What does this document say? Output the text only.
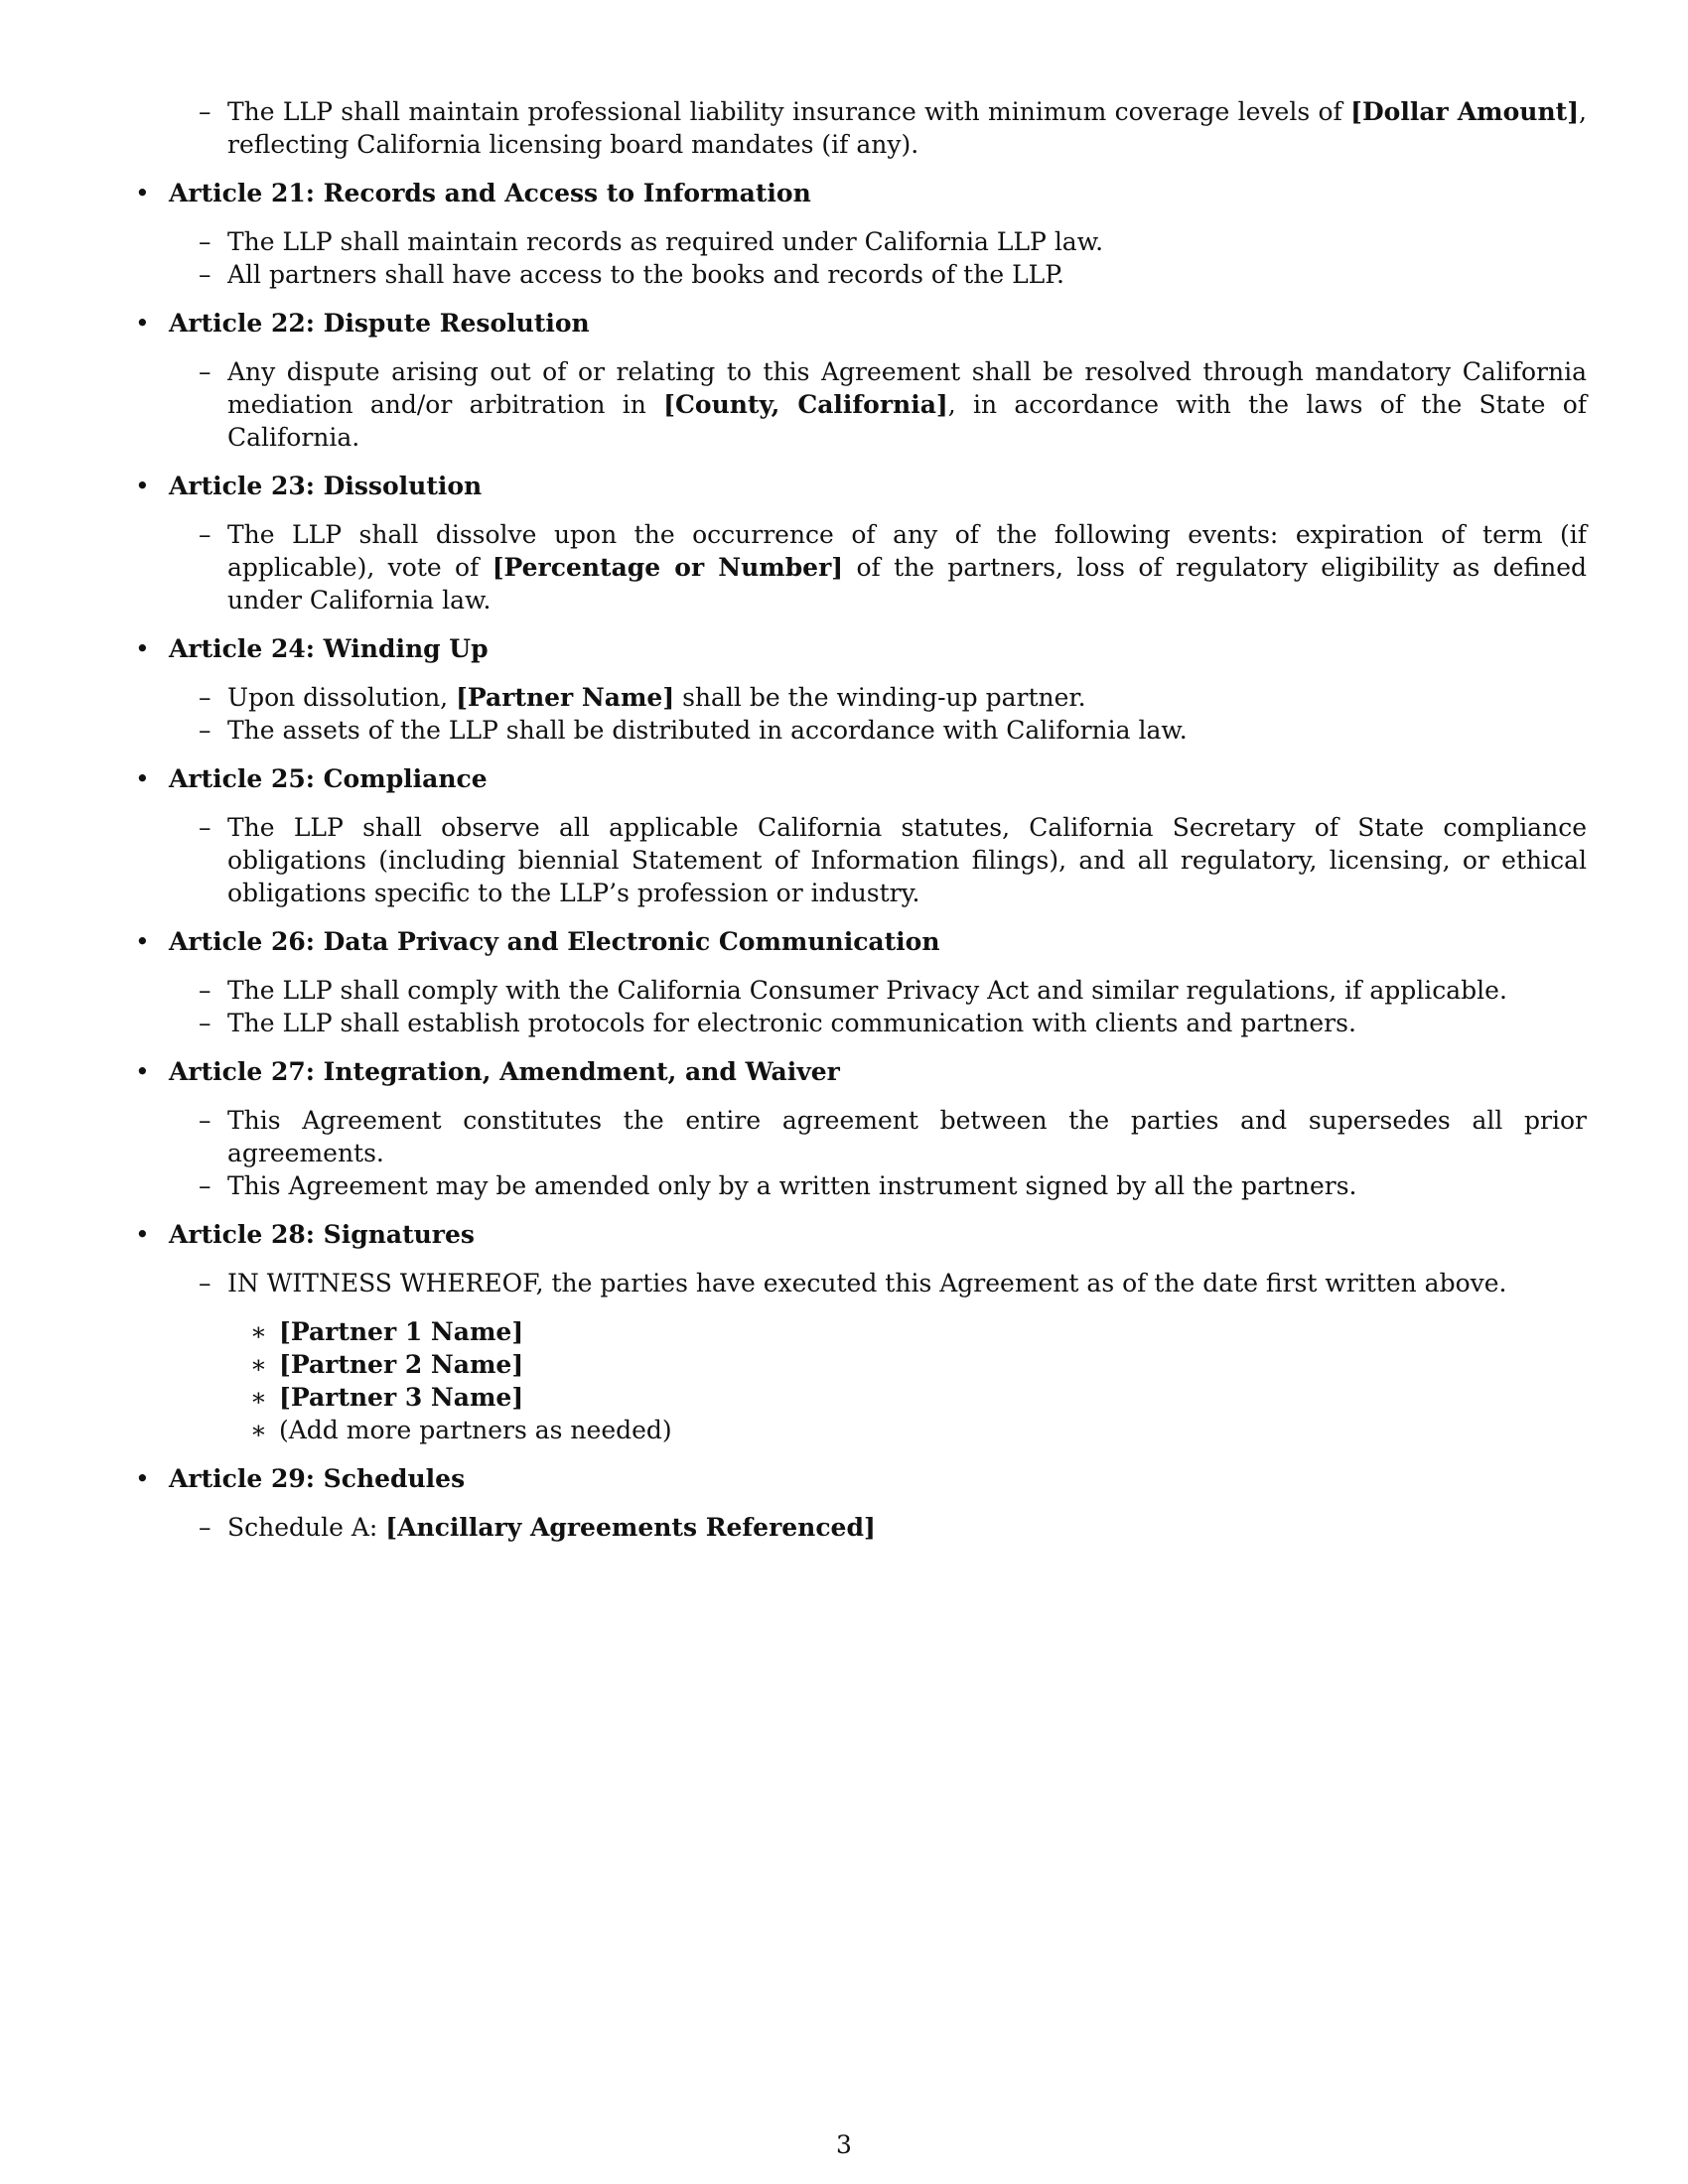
– The LLP shall maintain professional liability insurance with minimum coverage levels of [Dollar Amount], reflecting California licensing board mandates (if any).
• Article 21: Records and Access to Information
– The LLP shall maintain records as required under California LLP law.
– All partners shall have access to the books and records of the LLP.
• Article 22: Dispute Resolution
– Any dispute arising out of or relating to this Agreement shall be resolved through mandatory California mediation and/or arbitration in [County, California], in accordance with the laws of the State of California.
• Article 23: Dissolution
– The LLP shall dissolve upon the occurrence of any of the following events: expiration of term (if applicable), vote of [Percentage or Number] of the partners, loss of regulatory eligibility as defined under California law.
• Article 24: Winding Up
– Upon dissolution, [Partner Name] shall be the winding-up partner.
– The assets of the LLP shall be distributed in accordance with California law.
• Article 25: Compliance
– The LLP shall observe all applicable California statutes, California Secretary of State compliance obligations (including biennial Statement of Information filings), and all regulatory, licensing, or ethical obligations specific to the LLP’s profession or industry.
• Article 26: Data Privacy and Electronic Communication
– The LLP shall comply with the California Consumer Privacy Act and similar regulations, if applicable.
– The LLP shall establish protocols for electronic communication with clients and partners.
• Article 27: Integration, Amendment, and Waiver
– This Agreement constitutes the entire agreement between the parties and supersedes all prior agreements.
– This Agreement may be amended only by a written instrument signed by all the partners.
• Article 28: Signatures
– IN WITNESS WHEREOF, the parties have executed this Agreement as of the date first written above.
∗ [Partner 1 Name]
∗ [Partner 2 Name]
∗ [Partner 3 Name]
∗ (Add more partners as needed)
• Article 29: Schedules
– Schedule A: [Ancillary Agreements Referenced]
3
